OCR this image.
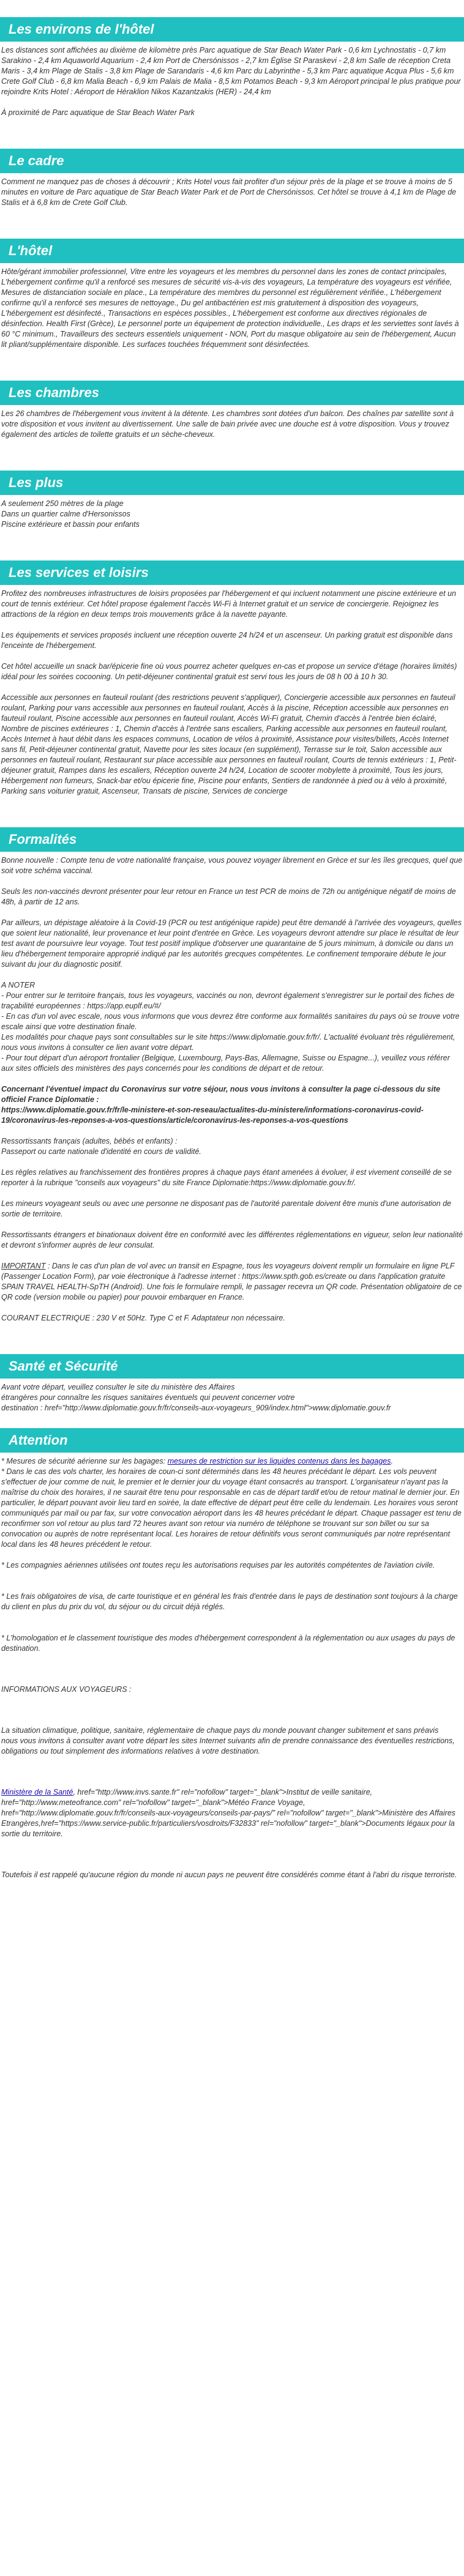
Les environs de l'hôtel

Les distances sont affichées au dixième de kilomètre près Parc aquatique de Star Beach Water Park - 0,6 km Lychnostatis - 0,7 km Sarakino - 2,4 km Aquaworld Aquarium - 2,4 km Port de Chersónissos - 2,7 km Église St Paraskevi - 2,8 km Salle de réception Creta Maris - 3,4 km Plage de Stalis - 3,8 km Plage de Sarandaris - 4,6 km Parc du Labyrinthe - 5,3 km Parc aquatique Acqua Plus - 5,6 km Crete Golf Club - 6,8 km Malia Beach - 6,9 km Palais de Malia - 8,5 km Potamos Beach - 9,3 km Aéroport principal le plus pratique pour rejoindre Krits Hotel : Aéroport de Héraklion Nikos Kazantzakis (HER) - 24,4 km

À proximité de Parc aquatique de Star Beach Water Park

Le cadre

Comment ne manquez pas de choses à découvrir ; Krits Hotel vous fait profiter d'un séjour près de la plage et se trouve à moins de 5 minutes en voiture de Parc aquatique de Star Beach Water Park et de Port de Chersónissos. Cet hôtel se trouve à 4,1 km de Plage de Stalis et à 6,8 km de Crete Golf Club.

L'hôtel

Hôte/gérant immobilier professionnel, Vitre entre les voyageurs et les membres du personnel dans les zones de contact principales, L'hébergement confirme qu'il a renforcé ses mesures de sécurité vis-à-vis des voyageurs, La température des voyageurs est vérifiée, Mesures de distanciation sociale en place., La température des membres du personnel est régulièrement vérifiée., L'hébergement confirme qu'il a renforcé ses mesures de nettoyage., Du gel antibactérien est mis gratuitement à disposition des voyageurs, L'hébergement est désinfecté., Transactions en espèces possibles., L'hébergement est conforme aux directives régionales de désinfection. Health First (Grèce), Le personnel porte un équipement de protection individuelle., Les draps et les serviettes sont lavés à 60 °C minimum., Travailleurs des secteurs essentiels uniquement - NON, Port du masque obligatoire au sein de l'hébergement, Aucun lit pliant/supplémentaire disponible. Les surfaces touchées fréquemment sont désinfectées.

Les chambres

Les 26 chambres de l'hébergement vous invitent à la détente. Les chambres sont dotées d'un balcon. Des chaînes par satellite sont à votre disposition et vous invitent au divertissement. Une salle de bain privée avec une douche est à votre disposition. Vous y trouvez également des articles de toilette gratuits et un sèche-cheveux.

Les plus

A seulement 250 mètres de la plage

Dans un quartier calme d'Hersonissos

Piscine extérieure et bassin pour enfants

Les services et loisirs

Profitez des nombreuses infrastructures de loisirs proposées par l'hébergement et qui incluent notamment une piscine extérieure et un court de tennis extérieur. Cet hôtel propose également l'accès Wi-Fi à Internet gratuit et un service de conciergerie. Rejoignez les attractions de la région en deux temps trois mouvements grâce à la navette payante.

Les équipements et services proposés incluent une réception ouverte 24 h/24 et un ascenseur. Un parking gratuit est disponible dans l'enceinte de l'hébergement.

Cet hôtel accueille un snack bar/épicerie fine où vous pourrez acheter quelques en-cas et propose un service d'étage (horaires limités) idéal pour les soirées cocooning. Un petit-déjeuner continental gratuit est servi tous les jours de 08 h 00 à 10 h 30.

Accessible aux personnes en fauteuil roulant (des restrictions peuvent s'appliquer), Conciergerie accessible aux personnes en fauteuil roulant, Parking pour vans accessible aux personnes en fauteuil roulant, Accès à la piscine, Réception accessible aux personnes en fauteuil roulant, Piscine accessible aux personnes en fauteuil roulant, Accès Wi-Fi gratuit, Chemin d'accès à l'entrée bien éclairé, Nombre de piscines extérieures : 1, Chemin d'accès à l'entrée sans escaliers, Parking accessible aux personnes en fauteuil roulant, Accès Internet à haut débit dans les espaces communs, Location de vélos à proximité, Assistance pour visites/billets, Accès Internet sans fil, Petit-déjeuner continental gratuit, Navette pour les sites locaux (en supplément), Terrasse sur le toit, Salon accessible aux personnes en fauteuil roulant, Restaurant sur place accessible aux personnes en fauteuil roulant, Courts de tennis extérieurs : 1, Petit-déjeuner gratuit, Rampes dans les escaliers, Réception ouverte 24 h/24, Location de scooter mobylette à proximité, Tous les jours, Hébergement non fumeurs, Snack-bar et/ou épicerie fine, Piscine pour enfants, Sentiers de randonnée à pied ou à vélo à proximité, Parking sans voiturier gratuit, Ascenseur, Transats de piscine, Services de concierge

Formalités

Bonne nouvelle : Compte tenu de votre nationalité française, vous pouvez voyager librement en Grèce et sur les îles grecques, quel que soit votre schéma vaccinal.

Seuls les non-vaccinés devront présenter pour leur retour en France un test PCR de moins de 72h ou antigénique négatif de moins de 48h, à partir de 12 ans.

Par ailleurs, un dépistage aléatoire à la Covid-19 (PCR ou test antigénique rapide) peut être demandé à l'arrivée des voyageurs, quelles que soient leur nationalité, leur provenance et leur point d'entrée en Grèce. Les voyageurs devront attendre sur place le résultat de leur test avant de poursuivre leur voyage. Tout test positif implique d'observer une quarantaine de 5 jours minimum, à domicile ou dans un lieu d'hébergement temporaire approprié indiqué par les autorités grecques compétentes. Le confinement temporaire débute le jour suivant du jour du diagnostic positif.

A NOTER

- Pour entrer sur le territoire français, tous les voyageurs, vaccinés ou non, devront également s'enregistrer sur le portail des fiches de traçabilité européennes : https://app.euplf.eu/#/

- En cas d'un vol avec escale, nous vous informons que vous devrez être conforme aux formalités sanitaires du pays où se trouve votre escale ainsi que votre destination finale.

Les modalités pour chaque pays sont consultables sur le site https://www.diplomatie.gouv.fr/fr/. L'actualité évoluant très régulièrement, nous vous invitons à consulter ce lien avant votre départ.

- Pour tout départ d'un aéroport frontalier (Belgique, Luxembourg, Pays-Bas, Allemagne, Suisse ou Espagne...), veuillez vous référer aux sites officiels des ministères des pays concernés pour les conditions de départ et de retour.

Concernant l'éventuel impact du Coronavirus sur votre séjour, nous vous invitons à consulter la page ci-dessous du site officiel France Diplomatie :
https://www.diplomatie.gouv.fr/fr/le-ministere-et-son-reseau/actualites-du-ministere/informations-coronavirus-covid-19/coronavirus-les-reponses-a-vos-questions/article/coronavirus-les-reponses-a-vos-questions

Ressortissants français (adultes, bébés et enfants) :
Passeport ou carte nationale d'identité en cours de validité.

Les règles relatives au franchissement des frontières propres à chaque pays étant amenées à évoluer, il est vivement conseillé de se reporter à la rubrique "conseils aux voyageurs" du site France Diplomatie:https://www.diplomatie.gouv.fr/.

Les mineurs voyageant seuls ou avec une personne ne disposant pas de l'autorité parentale doivent être munis d'une autorisation de sortie de territoire.

Ressortissants étrangers et binationaux doivent être en conformité avec les différentes réglementations en vigueur, selon leur nationalité et devront s'informer auprès de leur consulat.

IMPORTANT : Dans le cas d'un plan de vol avec un transit en Espagne, tous les voyageurs doivent remplir un formulaire en ligne PLF (Passenger Location Form), par voie électronique à l'adresse internet : https://www.spth.gob.es/create ou dans l'application gratuite SPAIN TRAVEL HEALTH-SpTH (Android). Une fois le formulaire rempli, le passager recevra un QR code. Présentation obligatoire de ce QR code (version mobile ou papier) pour pouvoir embarquer en France.

COURANT ELECTRIQUE : 230 V et 50Hz. Type C et F. Adaptateur non nécessaire.

Santé et Sécurité

Avant votre départ, veuillez consulter le site du ministère des Affaires

étrangères pour connaître les risques sanitaires éventuels qui peuvent concerner votre

destination : href="http://www.diplomatie.gouv.fr/fr/conseils-aux-voyageurs_909/index.html">www.diplomatie.gouv.fr

Attention

* Mesures de sécurité aérienne sur les bagages: mesures de restriction sur les liquides contenus dans les bagages.
* Dans le cas des vols charter, les horaires de coun-ci sont déterminés dans les 48 heures précédant le départ. Les vols peuvent s'effectuer de jour comme de nuit, le premier et le dernier jour du voyage étant consacrés au transport. L'organisateur n'ayant pas la maîtrise du choix des horaires, il ne saurait être tenu pour responsable en cas de départ tardif et/ou de retour matinal le dernier jour. En particulier, le départ pouvant avoir lieu tard en soirée, la date effective de départ peut être celle du lendemain. Les horaires vous seront communiqués par mail ou par fax, sur votre convocation aéroport dans les 48 heures précédant le départ. Chaque passager est tenu de reconfirmer son vol retour au plus tard 72 heures avant son retour via numéro de téléphone se trouvant sur son billet ou sur sa convocation ou auprès de notre représentant local. Les horaires de retour définitifs vous seront communiqués par notre représentant local dans les 48 heures précédent le retour.

* Les compagnies aériennes utilisées ont toutes reçu les autorisations requises par les autorités compétentes de l'aviation civile.

* Les frais obligatoires de visa, de carte touristique et en général les frais d'entrée dans le pays de destination sont toujours à la charge du client en plus du prix du vol, du séjour ou du circuit déjà réglés.

* L'homologation et le classement touristique des modes d'hébergement correspondent à la réglementation ou aux usages du pays de destination.

INFORMATIONS AUX VOYAGEURS :

La situation climatique, politique, sanitaire, réglementaire de chaque pays du monde pouvant changer subitement et sans préavis
nous vous invitons à consulter avant votre départ les sites Internet suivants afin de prendre connaissance des éventuelles restrictions, obligations ou tout simplement des informations relatives à votre destination.

Ministère de la Santé, href="http://www.invs.sante.fr" rel="nofollow" target="_blank">Institut de veille sanitaire, href="http://www.meteofrance.com" rel="nofollow" target="_blank">Météo France Voyage, href="http://www.diplomatie.gouv.fr/fr/conseils-aux-voyageurs/conseils-par-pays/" rel="nofollow" target="_blank">Ministère des Affaires Etrangères,href="https://www.service-public.fr/particuliers/vosdroits/F32833" rel="nofollow" target="_blank">Documents légaux pour la sortie du territoire.

Toutefois il est rappelé qu'aucune région du monde ni aucun pays ne peuvent être considérés comme étant à l'abri du risque terroriste.
